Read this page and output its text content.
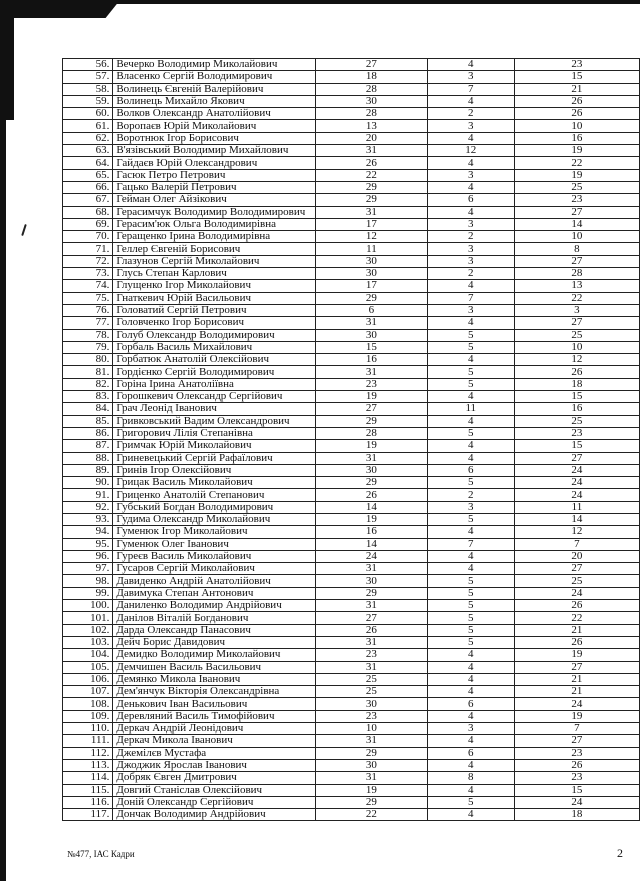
56.	Вечерко Володимир Миколайович	27	4	23
57.	Власенко Сергій Володимирович	18	3	15
58.	Волинець Євгеній Валерійович	28	7	21
59.	Волинець Михайло Якович	30	4	26
60.	Волков Олександр Анатолійович	28	2	26
61.	Воропаєв Юрій Миколайович	13	3	10
62.	Воротнюк Ігор Борисович	20	4	16
63.	В'язівський Володимир Михайлович	31	12	19
64.	Гайдаєв Юрій Олександрович	26	4	22
65.	Гасюк Петро Петрович	22	3	19
66.	Гацько Валерій Петрович	29	4	25
67.	Гейман Олег Айзікович	29	6	23
68.	Герасимчук Володимир Володимирович	31	4	27
69.	Герасим'юк Ольга Володимирівна	17	3	14
70.	Геращенко Ірина Володимирівна	12	2	10
71.	Геллер Євгеній Борисович	11	3	8
72.	Глазунов Сергій Миколайович	30	3	27
73.	Глусь Степан Карлович	30	2	28
74.	Глущенко Ігор Миколайович	17	4	13
75.	Гнаткевич Юрій Васильович	29	7	22
76.	Головатий Сергій Петрович	6	3	3
77.	Головченко Ігор Борисович	31	4	27
78.	Голуб Олександр Володимирович	30	5	25
79.	Горбаль Василь Михайлович	15	5	10
80.	Горбатюк Анатолій Олексійович	16	4	12
81.	Гордієнко Сергій Володимирович	31	5	26
82.	Горіна Ірина Анатоліївна	23	5	18
83.	Горошкевич Олександр Сергійович	19	4	15
84.	Грач Леонід Іванович	27	11	16
85.	Гривковський Вадим Олександрович	29	4	25
86.	Григорович Лілія Степанівна	28	5	23
87.	Гримчак Юрій Миколайович	19	4	15
88.	Гриневецький Сергій Рафаїлович	31	4	27
89.	Гринів Ігор Олексійович	30	6	24
90.	Грицак Василь Миколайович	29	5	24
91.	Гриценко Анатолій Степанович	26	2	24
92.	Губський Богдан Володимирович	14	3	11
93.	Гудима Олександр Миколайович	19	5	14
94.	Гуменюк Ігор Миколайович	16	4	12
95.	Гуменюк Олег Іванович	14	7	7
96.	Гуреєв Василь Миколайович	24	4	20
97.	Гусаров Сергій Миколайович	31	4	27
98.	Давиденко Андрій Анатолійович	30	5	25
99.	Давимука Степан Антонович	29	5	24
100.	Даниленко Володимир Андрійович	31	5	26
101.	Данілов Віталій Богданович	27	5	22
102.	Дарда Олександр Панасович	26	5	21
103.	Дейч Борис Давидович	31	5	26
104.	Демидко Володимир Миколайович	23	4	19
105.	Демчишен Василь Васильович	31	4	27
106.	Демянко Микола Іванович	25	4	21
107.	Дем'янчук Вікторія Олександрівна	25	4	21
108.	Денькович Іван Васильович	30	6	24
109.	Деревляний Василь Тимофійович	23	4	19
110.	Деркач Андрій Леонідович	10	3	7
111.	Деркач Микола Іванович	31	4	27
112.	Джемілєв Мустафа	29	6	23
113.	Джоджик Ярослав Іванович	30	4	26
114.	Добряк Євген Дмитрович	31	8	23
115.	Довгий Станіслав Олексійович	19	4	15
116.	Доній Олександр Сергійович	29	5	24
117.	Дончак Володимир Андрійович	22	4	18
№477, ІАС Кадри	2
